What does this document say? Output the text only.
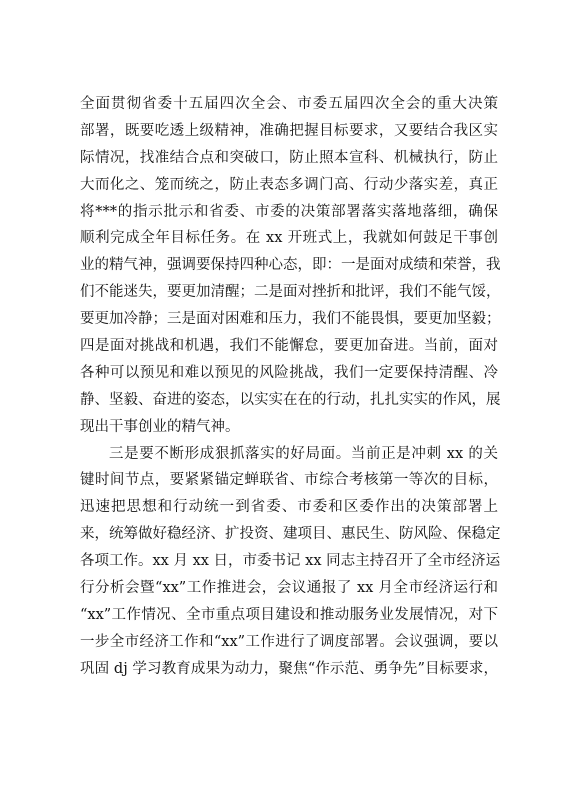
全面贯彻省委十五届四次全会、市委五届四次全会的重大决策
部署，既要吃透上级精神，准确把握目标要求，又要结合我区实
际情况，找准结合点和突破口，防止照本宣科、机械执行，防止
大而化之、笼而统之，防止表态多调门高、行动少落实差，真正
将***的指示批示和省委、市委的决策部署落实落地落细，确保
顺利完成全年目标任务。在 xx 开班式上，我就如何鼓足干事创
业的精气神，强调要保持四种心态，即：一是面对成绩和荣誉，我
们不能迷失，要更加清醒；二是面对挫折和批评，我们不能气馁，
要更加冷静；三是面对困难和压力，我们不能畏惧，要更加坚毅；
四是面对挑战和机遇，我们不能懈怠，要更加奋进。当前，面对
各种可以预见和难以预见的风险挑战，我们一定要保持清醒、冷
静、坚毅、奋进的姿态，以实实在在的行动，扎扎实实的作风，展
现出干事创业的精气神。
三是要不断形成狠抓落实的好局面。当前正是冲刺 xx 的关
键时间节点，要紧紧锚定蝉联省、市综合考核第一等次的目标，
迅速把思想和行动统一到省委、市委和区委作出的决策部署上
来，统筹做好稳经济、扩投资、建项目、惠民生、防风险、保稳定
各项工作。xx 月 xx 日，市委书记 xx 同志主持召开了全市经济运
行分析会暨“xx”工作推进会，会议通报了 xx 月全市经济运行和
“xx”工作情况、全市重点项目建设和推动服务业发展情况，对下
一步全市经济工作和“xx”工作进行了调度部署。会议强调，要以
巩固 dj 学习教育成果为动力，聚焦“作示范、勇争先”目标要求，
